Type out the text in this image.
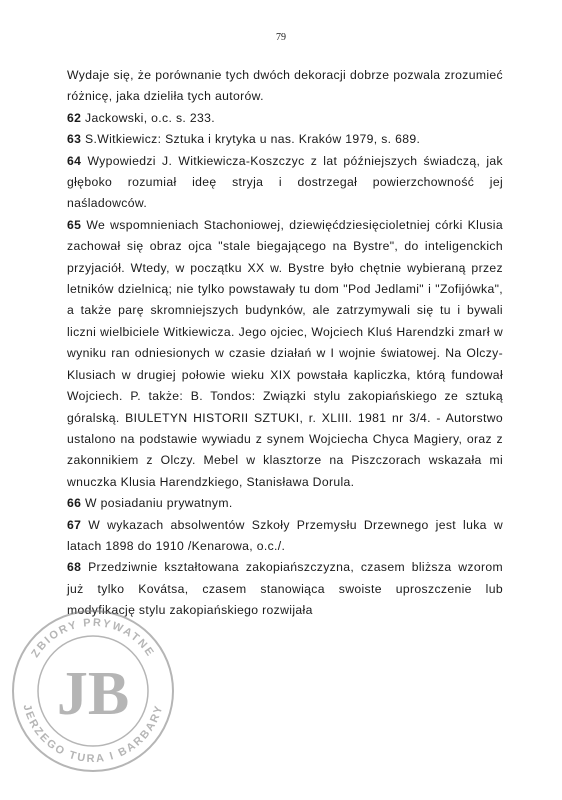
79

Wydaje się, że porównanie tych dwóch dekoracji dobrze pozwala zrozumieć różnicę, jaka dzieliła tych autorów.

62 Jackowski, o.c. s. 233.

63 S.Witkiewicz: Sztuka i krytyka u nas. Kraków 1979, s. 689.

64 Wypowiedzi J. Witkiewicza-Koszczyc z lat późniejszych świadczą, jak głęboko rozumiał ideę stryja i dostrzegał powierzchowność jej naśladowców.

65 We wspomnieniach Stachoniowej, dziewięćdziesięcioletniej córki Klusia zachował się obraz ojca "stale biegającego na Bystre", do inteligenckich przyjaciół. Wtedy, w początku XX w. Bystre było chętnie wybieraną przez letników dzielnicą; nie tylko powstawały tu dom "Pod Jedlami" i "Zofijówka", a także parę skromniejszych budynków, ale zatrzymywali się tu i bywali liczni wielbiciele Witkiewicza. Jego ojciec, Wojciech Kluś Harendzki zmarł w wyniku ran odniesionych w czasie działań w I wojnie światowej. Na Olczy-Klusiach w drugiej połowie wieku XIX powstała kapliczka, którą fundował Wojciech. P. także: B. Tondos: Związki stylu zakopiańskiego ze sztuką góralską. BIULETYN HISTORII SZTUKI, r. XLIII. 1981 nr 3/4. - Autorstwo ustalono na podstawie wywiadu z synem Wojciecha Chyca Magiery, oraz z zakonnikiem z Olczy. Mebel w klasztorze na Piszczorach wskazała mi wnuczka Klusia Harendzkiego, Stanisława Dorula.

66 W posiadaniu prywatnym.

67 W wykazach absolwentów Szkoły Przemysłu Drzewnego jest luka w latach 1898 do 1910 /Kenarowa, o.c./.

68 Przedziwnie kształtowana zakopiańszczyzna, czasem bliższa wzorom już tylko Kovátsa, czasem stanowiąca swoiste uproszczenie lub modyfikację stylu zakopiańskiego rozwijała

ZBIORY PRYWATNE
JERZEGO TURA I BARBARY
JB
